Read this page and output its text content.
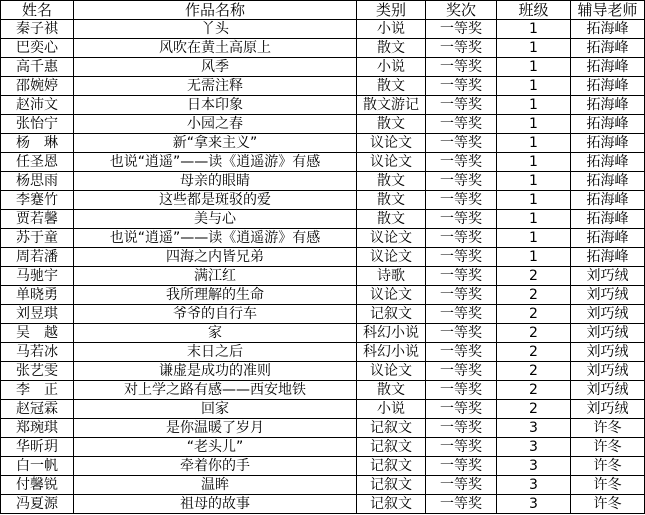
姓名	作品名称	类别	奖次	班级	辅导老师
秦子祺	丫头	小说	一等奖	1	拓海峰
巴奕心	风吹在黄土高原上	散文	一等奖	1	拓海峰
高千惠	风季	小说	一等奖	1	拓海峰
邵婉婷	无需注释	散文	一等奖	1	拓海峰
赵沛文	日本印象	散文游记	一等奖	1	拓海峰
张怡宁	小园之春	散文	一等奖	1	拓海峰
杨　琳	新“拿来主义”	议论文	一等奖	1	拓海峰
任圣恩	也说“逍遥”——读《逍遥游》有感	议论文	一等奖	1	拓海峰
杨思雨	母亲的眼睛	散文	一等奖	1	拓海峰
李蹇竹	这些都是斑驳的爱	散文	一等奖	1	拓海峰
贾若馨	美与心	散文	一等奖	1	拓海峰
苏于童	也说“逍遥”——读《逍遥游》有感	议论文	一等奖	1	拓海峰
周若潘	四海之内皆兄弟	议论文	一等奖	1	拓海峰
马驰宇	满江红	诗歌	一等奖	2	刘巧绒
单晓勇	我所理解的生命	议论文	一等奖	2	刘巧绒
刘昱琪	爷爷的自行车	记叙文	一等奖	2	刘巧绒
吴　越	家	科幻小说	一等奖	2	刘巧绒
马若冰	末日之后	科幻小说	一等奖	2	刘巧绒
张艺雯	谦虚是成功的准则	议论文	一等奖	2	刘巧绒
李　正	对上学之路有感——西安地铁	散文	一等奖	2	刘巧绒
赵冠霖	回家	小说	一等奖	2	刘巧绒
郑琬琪	是你温暖了岁月	记叙文	一等奖	3	许冬
华昕玥	“老头儿”	记叙文	一等奖	3	许冬
白一帆	牵着你的手	记叙文	一等奖	3	许冬
付馨锐	温眸	记叙文	一等奖	3	许冬
冯夏源	祖母的故事	记叙文	一等奖	3	许冬
